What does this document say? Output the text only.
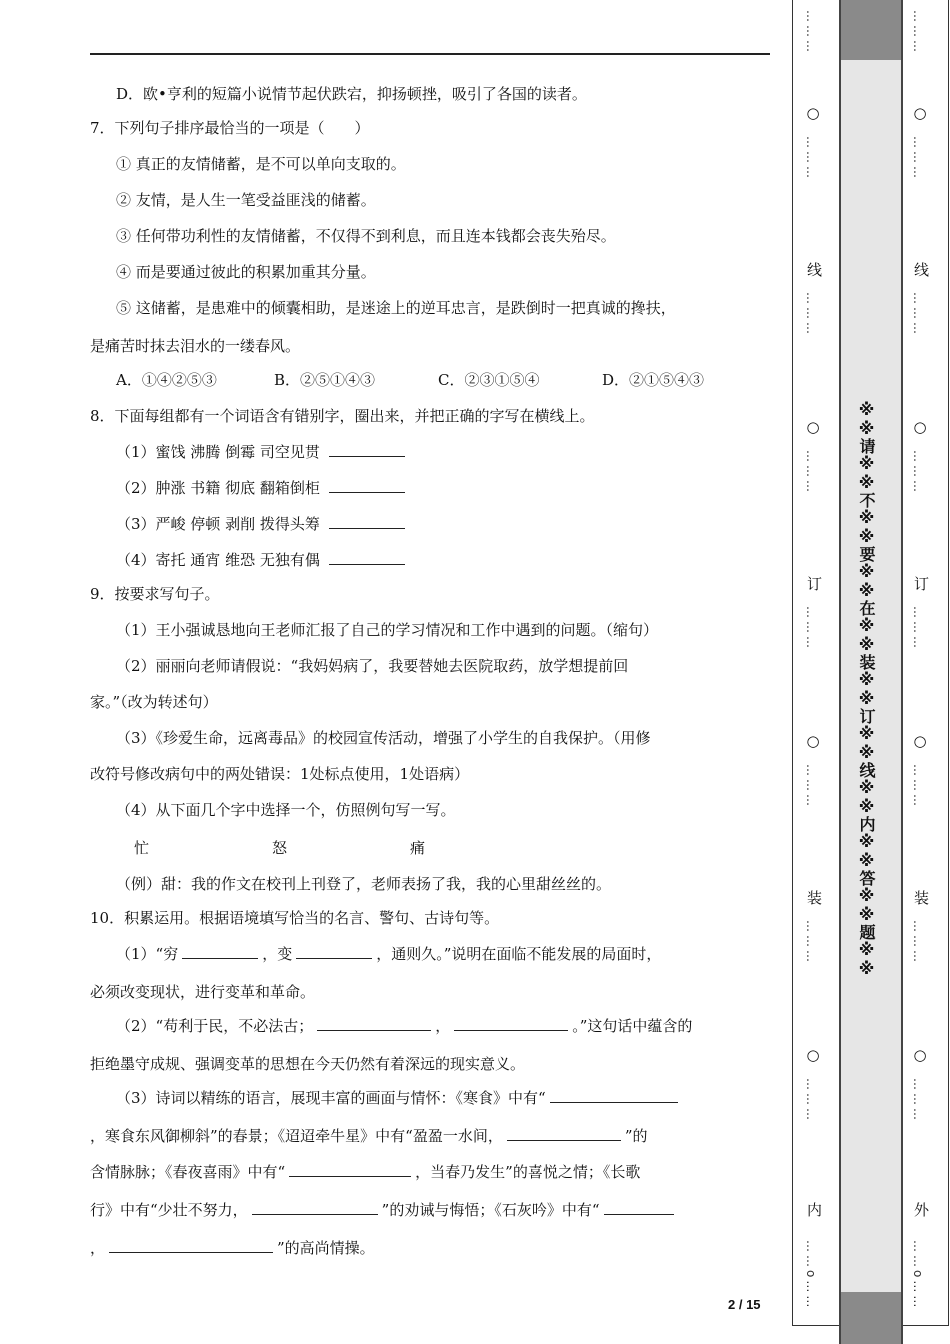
D．欧•亨利的短篇小说情节起伏跌宕，抑扬顿挫，吸引了各国的读者。
7．下列句子排序最恰当的一项是（　　）
① 真正的友情储蓄，是不可以单向支取的。
② 友情，是人生一笔受益匪浅的储蓄。
③ 任何带功利性的友情储蓄，不仅得不到利息，而且连本钱都会丧失殆尽。
④ 而是要通过彼此的积累加重其分量。
⑤ 这储蓄，是患难中的倾囊相助，是迷途上的逆耳忠言，是跌倒时一把真诚的搀扶，
是痛苦时抹去泪水的一缕春风。
A．①④②⑤③	B．②⑤①④③	C．②③①⑤④	D．②①⑤④③
8．下面每组都有一个词语含有错别字，圈出来，并把正确的字写在横线上。
（1）蜜饯 沸腾 倒霉 司空见贯
（2）肿涨 书籍 彻底 翻箱倒柜
（3）严峻 停顿 剥削 拨得头筹
（4）寄托 通宵 维恐 无独有偶
9．按要求写句子。
（1）王小强诚恳地向王老师汇报了自己的学习情况和工作中遇到的问题。（缩句）
（2）丽丽向老师请假说：“我妈妈病了，我要替她去医院取药，放学想提前回
家。”（改为转述句）
（3）《珍爱生命，远离毒品》的校园宣传活动，增强了小学生的自我保护。（用修
改符号修改病句中的两处错误：1处标点使用，1处语病）
（4）从下面几个字中选择一个，仿照例句写一写。
忙	怒	痛
（例）甜：我的作文在校刊上刊登了，老师表扬了我，我的心里甜丝丝的。
10．积累运用。根据语境填写恰当的名言、警句、古诗句等。
（1）“穷	，变	，通则久。”说明在面临不能发展的局面时，
必须改变现状，进行变革和革命。
（2）“苟利于民，不必法古；	，	。”这句话中蕴含的
拒绝墨守成规、强调变革的思想在今天仍然有着深远的现实意义。
（3）诗词以精练的语言，展现丰富的画面与情怀：《寒食》中有“
，寒食东风御柳斜”的春景；《迢迢牵牛星》中有“盈盈一水间，	”的
含情脉脉；《春夜喜雨》中有“	，当春乃发生”的喜悦之情；《长歌
行》中有“少壮不努力，	”的劝诫与悔悟；《石灰吟》中有“
，	”的高尚情操。
2 / 15
※※请※※不※※要※※在※※装※※订※※线※※内※※答※※题※※
………
○
………
线
………
○
………
订
………
○
………
装
………
○
………
内
……o……
………
○
………
线
………
○
………
订
………
○
………
装
………
○
………
外
……o……
